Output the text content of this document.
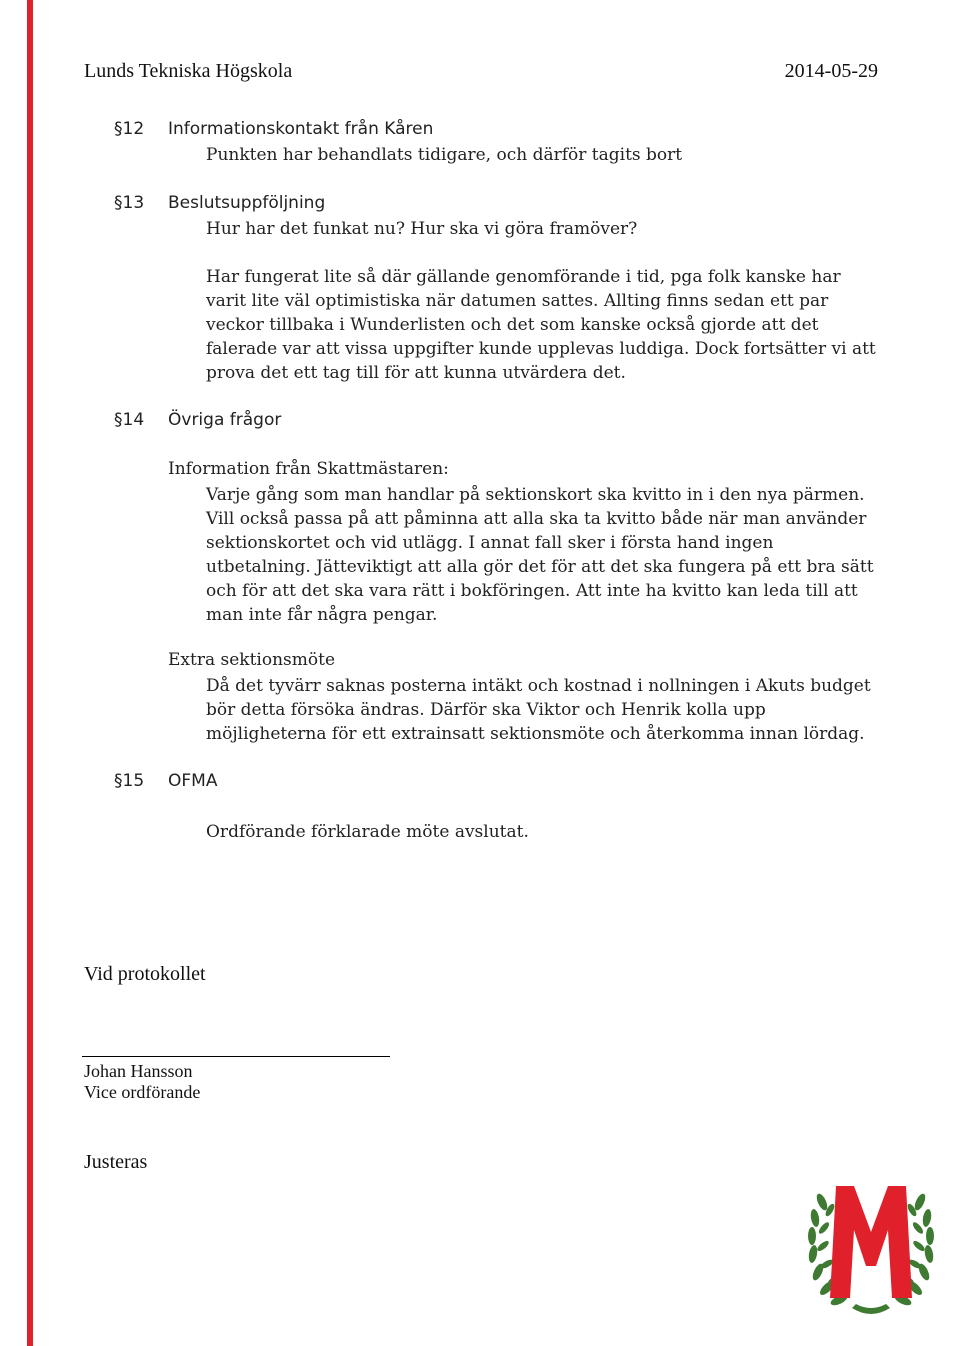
Lunds Tekniska Högskola	2014-05-29
§12 Informationskontakt från Kåren
Punkten har behandlats tidigare, och därför tagits bort
§13 Beslutsuppföljning
Hur har det funkat nu? Hur ska vi göra framöver?
Har fungerat lite så där gällande genomförande i tid, pga folk kanske har varit lite väl optimistiska när datumen sattes. Allting finns sedan ett par veckor tillbaka i Wunderlisten och det som kanske också gjorde att det falerade var att vissa uppgifter kunde upplevas luddiga. Dock fortsätter vi att prova det ett tag till för att kunna utvärdera det.
§14 Övriga frågor
Information från Skattmästaren:
Varje gång som man handlar på sektionskort ska kvitto in i den nya pärmen. Vill också passa på att påminna att alla ska ta kvitto både när man använder sektionskortet och vid utlägg. I annat fall sker i första hand ingen utbetalning. Jätteviktigt att alla gör det för att det ska fungera på ett bra sätt och för att det ska vara rätt i bokföringen. Att inte ha kvitto kan leda till att man inte får några pengar.
Extra sektionsmöte
Då det tyvärr saknas posterna intäkt och kostnad i nollningen i Akuts budget bör detta försöka ändras. Därför ska Viktor och Henrik kolla upp möjligheterna för ett extrainsatt sektionsmöte och återkomma innan lördag.
§15 OFMA
Ordförande förklarade möte avslutat.
Vid protokollet
Johan Hansson
Vice ordförande
Justeras
